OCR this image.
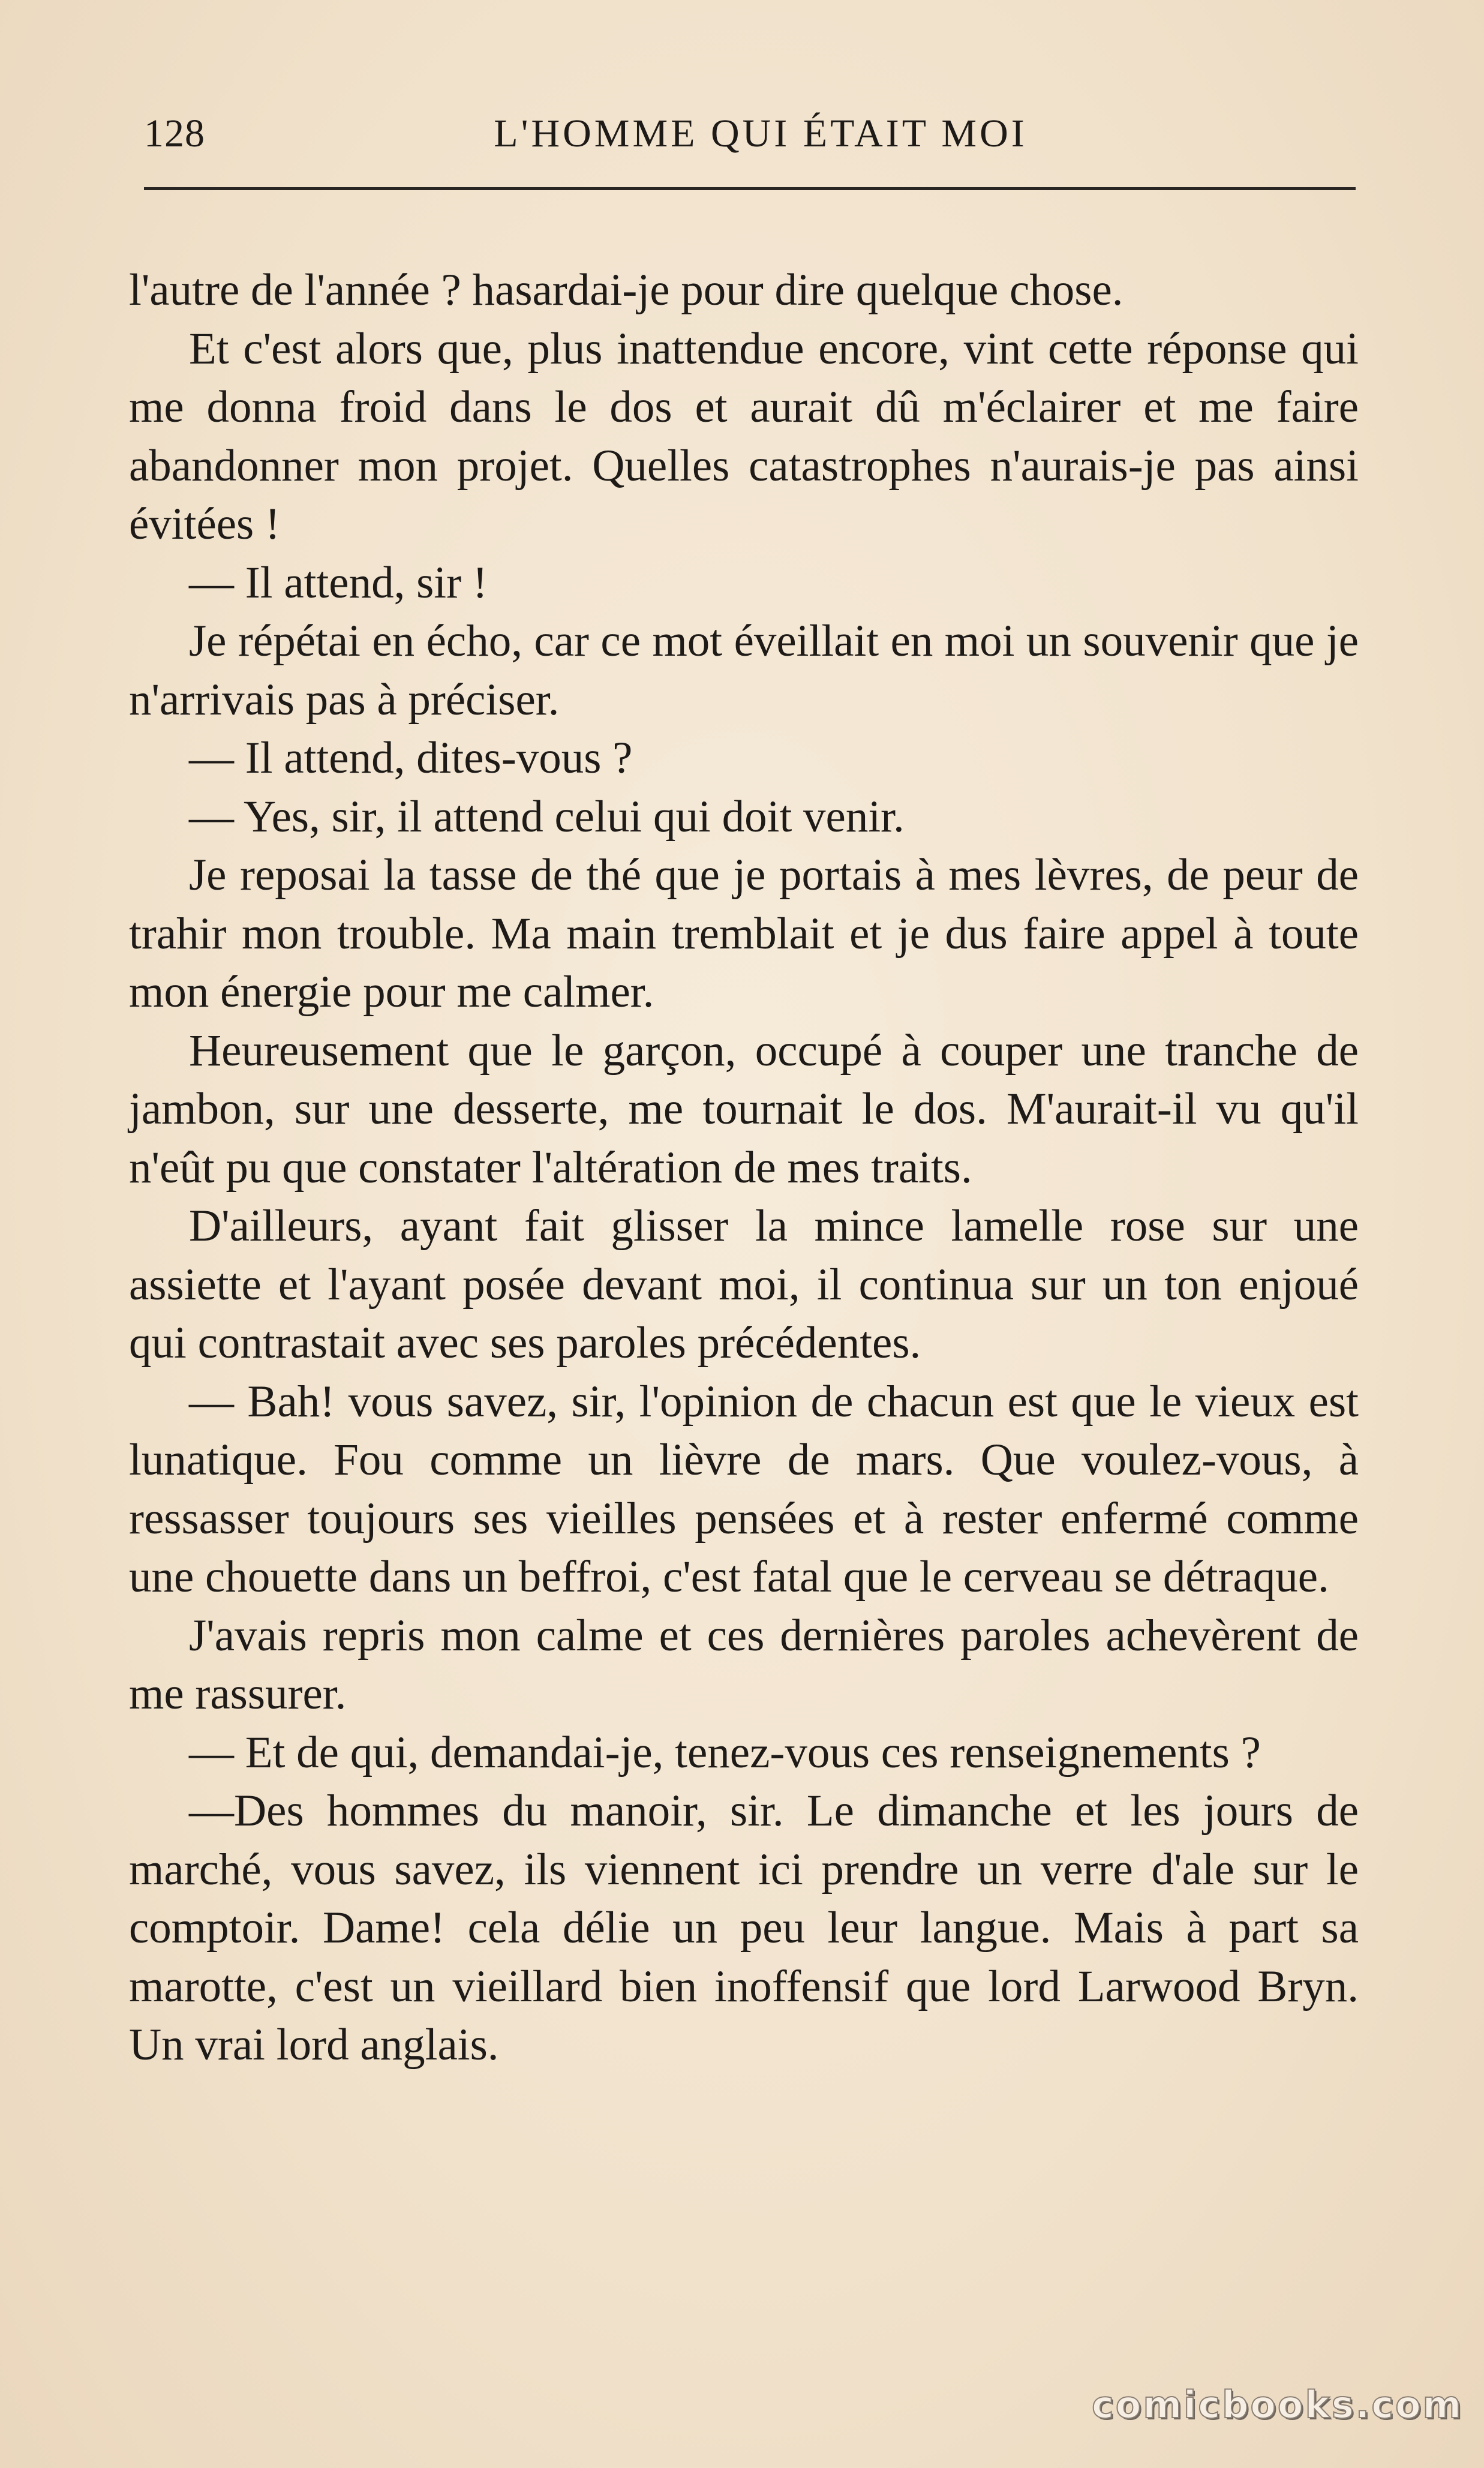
128	L'HOMME QUI ÉTAIT MOI

l'autre de l'année ? hasardai-je pour dire quelque chose.

Et c'est alors que, plus inattendue encore, vint cette réponse qui me donna froid dans le dos et aurait dû m'éclairer et me faire abandonner mon projet. Quelles catastrophes n'aurais-je pas ainsi évitées !

— Il attend, sir !

Je répétai en écho, car ce mot éveillait en moi un souvenir que je n'arrivais pas à préciser.

— Il attend, dites-vous ?

— Yes, sir, il attend celui qui doit venir.

Je reposai la tasse de thé que je portais à mes lèvres, de peur de trahir mon trouble. Ma main tremblait et je dus faire appel à toute mon énergie pour me calmer.

Heureusement que le garçon, occupé à couper une tranche de jambon, sur une desserte, me tournait le dos. M'aurait-il vu qu'il n'eût pu que constater l'altération de mes traits.

D'ailleurs, ayant fait glisser la mince lamelle rose sur une assiette et l'ayant posée devant moi, il continua sur un ton enjoué qui contrastait avec ses paroles précédentes.

— Bah! vous savez, sir, l'opinion de chacun est que le vieux est lunatique. Fou comme un lièvre de mars. Que voulez-vous, à ressasser toujours ses vieilles pensées et à rester enfermé comme une chouette dans un beffroi, c'est fatal que le cerveau se détraque.

J'avais repris mon calme et ces dernières paroles achevèrent de me rassurer.

— Et de qui, demandai-je, tenez-vous ces renseignements ?

—Des hommes du manoir, sir. Le dimanche et les jours de marché, vous savez, ils viennent ici prendre un verre d'ale sur le comptoir. Dame! cela délie un peu leur langue. Mais à part sa marotte, c'est un vieillard bien inoffensif que lord Larwood Bryn. Un vrai lord anglais.

comicbooks.com
